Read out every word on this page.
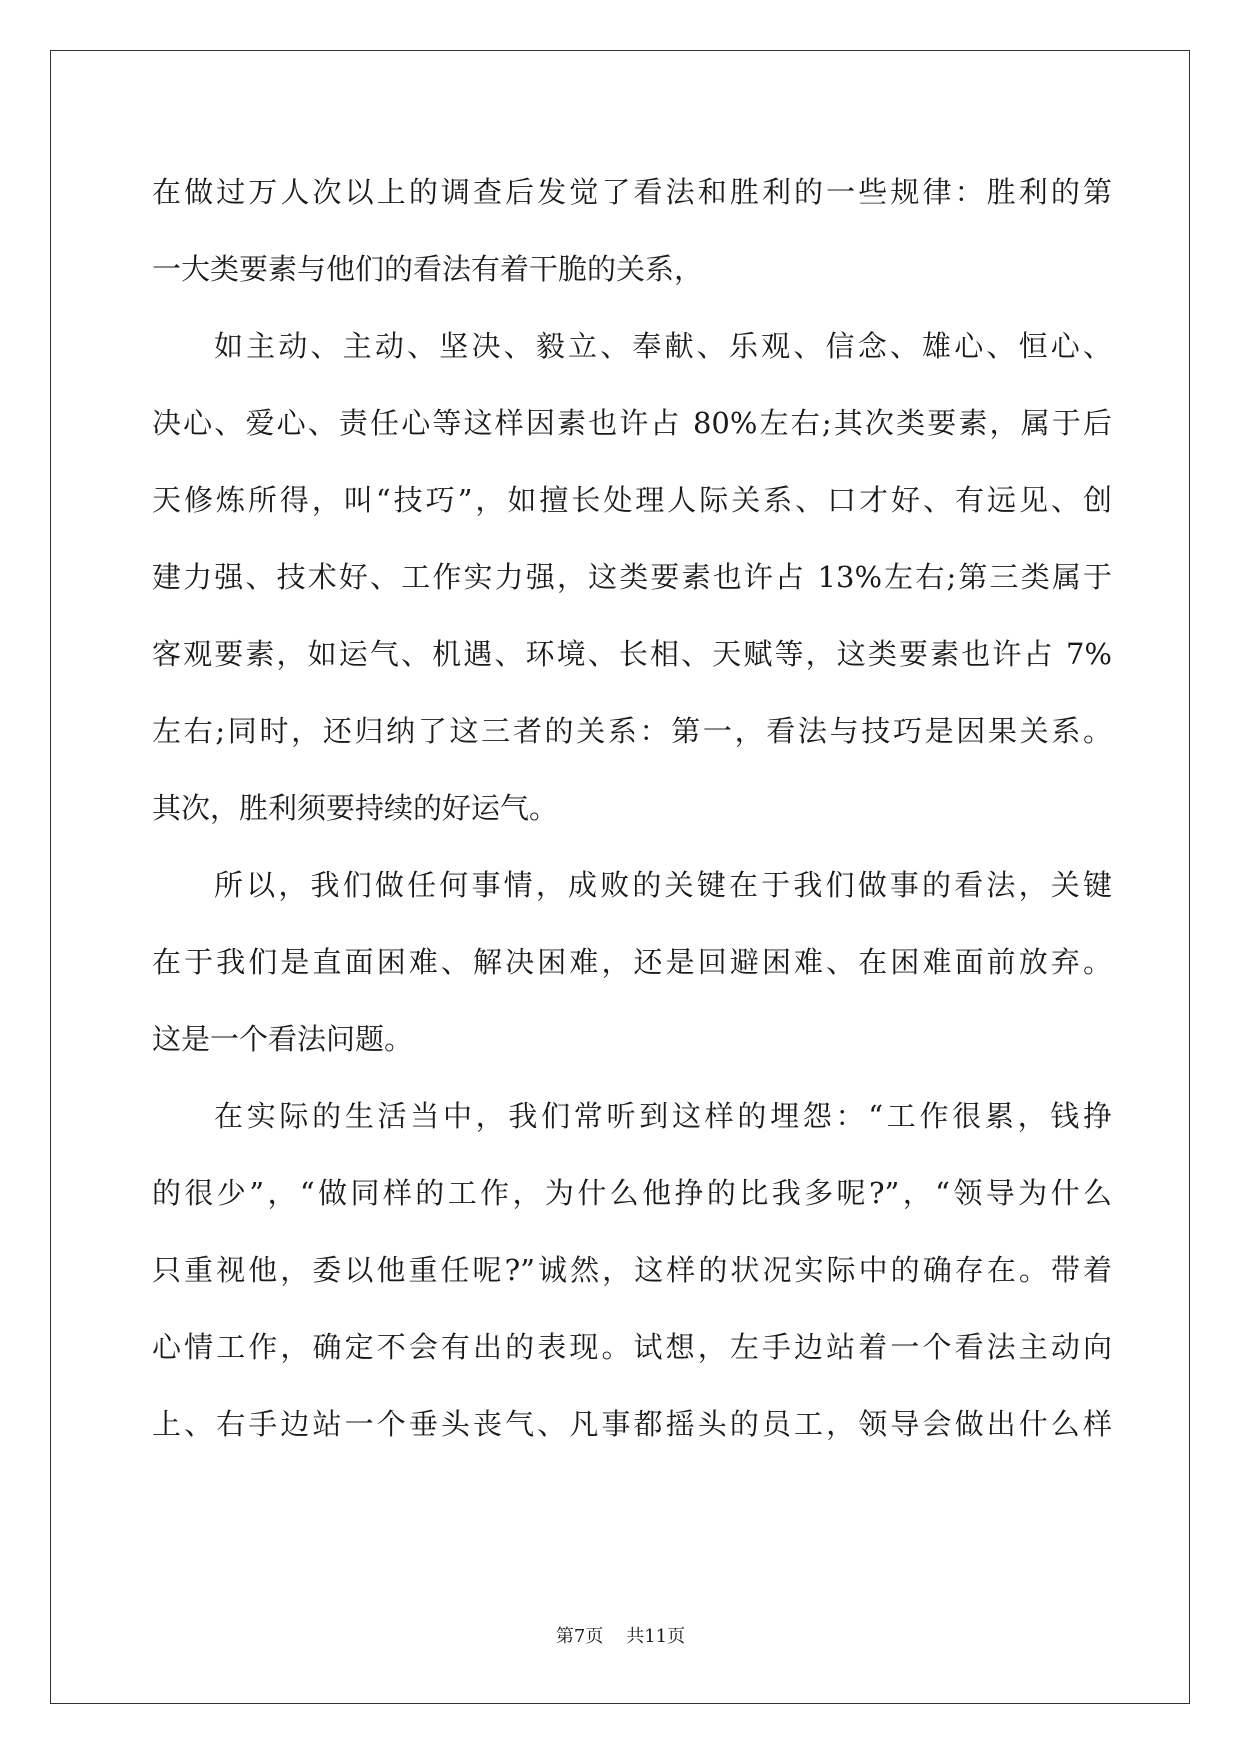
在做过万人次以上的调查后发觉了看法和胜利的一些规律：胜利的第
一大类要素与他们的看法有着干脆的关系，
如主动、主动、坚决、毅立、奉献、乐观、信念、雄心、恒心、
决心、爱心、责任心等这样因素也许占 80%左右;其次类要素，属于后
天修炼所得，叫“技巧”，如擅长处理人际关系、口才好、有远见、创
建力强、技术好、工作实力强，这类要素也许占 13%左右;第三类属于
客观要素，如运气、机遇、环境、长相、天赋等，这类要素也许占 7%
左右;同时，还归纳了这三者的关系：第一，看法与技巧是因果关系。
其次，胜利须要持续的好运气。
所以，我们做任何事情，成败的关键在于我们做事的看法，关键
在于我们是直面困难、解决困难，还是回避困难、在困难面前放弃。
这是一个看法问题。
在实际的生活当中，我们常听到这样的埋怨：“工作很累，钱挣
的很少”，“做同样的工作，为什么他挣的比我多呢?”，“领导为什么
只重视他，委以他重任呢?”诚然，这样的状况实际中的确存在。带着
心情工作，确定不会有出的表现。试想，左手边站着一个看法主动向
上、右手边站一个垂头丧气、凡事都摇头的员工，领导会做出什么样
第7页 共11页
